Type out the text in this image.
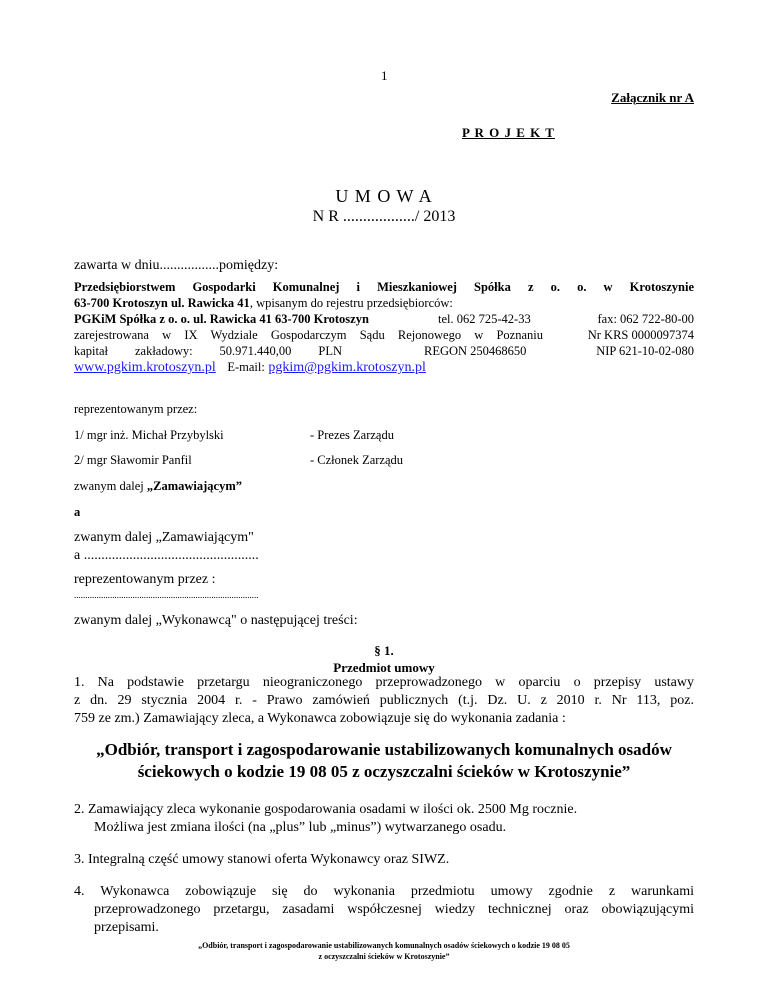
1
Załącznik nr A
P R O J E K T
U M O W A
N R ................../ 2013
zawarta w dniu.................pomiędzy:
Przedsiębiorstwem Gospodarki Komunalnej i Mieszkaniowej Spółka z o. o. w Krotoszynie
63-700 Krotoszyn ul. Rawicka 41, wpisanym do rejestru przedsiębiorców:
PGKiM Spółka z o. o. ul. Rawicka 41 63-700 Krotoszyn	tel. 062 725-42-33	fax: 062 722-80-00
zarejestrowana w IX Wydziale Gospodarczym Sądu Rejonowego w Poznaniu	Nr KRS 0000097374
kapitał zakładowy: 50.971.440,00 PLN	REGON 250468650	NIP 621-10-02-080
www.pgkim.krotoszyn.pl E-mail: pgkim@pgkim.krotoszyn.pl
reprezentowanym przez:
1/ mgr inż. Michał Przybylski	- Prezes Zarządu
2/ mgr Sławomir Panfil	- Członek Zarządu
zwanym dalej „Zamawiającym”
a
zwanym dalej „Zamawiającym"
a ..................................................
reprezentowanym przez :
..................................................................................
zwanym dalej „Wykonawcą" o następującej treści:
§ 1.
Przedmiot umowy
1. Na podstawie przetargu nieograniczonego przeprowadzonego w oparciu o przepisy ustawy
z dn. 29 stycznia 2004 r. - Prawo zamówień publicznych (t.j. Dz. U. z 2010 r. Nr 113, poz.
759 ze zm.) Zamawiający zleca, a Wykonawca zobowiązuje się do wykonania zadania :
„Odbiór, transport i zagospodarowanie ustabilizowanych komunalnych osadów
ściekowych o kodzie 19 08 05 z oczyszczalni ścieków w Krotoszynie”
2. Zamawiający zleca wykonanie gospodarowania osadami w ilości ok. 2500 Mg rocznie.
Możliwa jest zmiana ilości (na „plus” lub „minus”) wytwarzanego osadu.
3. Integralną część umowy stanowi oferta Wykonawcy oraz SIWZ.
4. Wykonawca zobowiązuje się do wykonania przedmiotu umowy zgodnie z warunkami
przeprowadzonego przetargu, zasadami współczesnej wiedzy technicznej oraz obowiązującymi
przepisami.
„Odbiór, transport i zagospodarowanie ustabilizowanych komunalnych osadów ściekowych o kodzie 19 08 05
z oczyszczalni ścieków w Krotoszynie”
